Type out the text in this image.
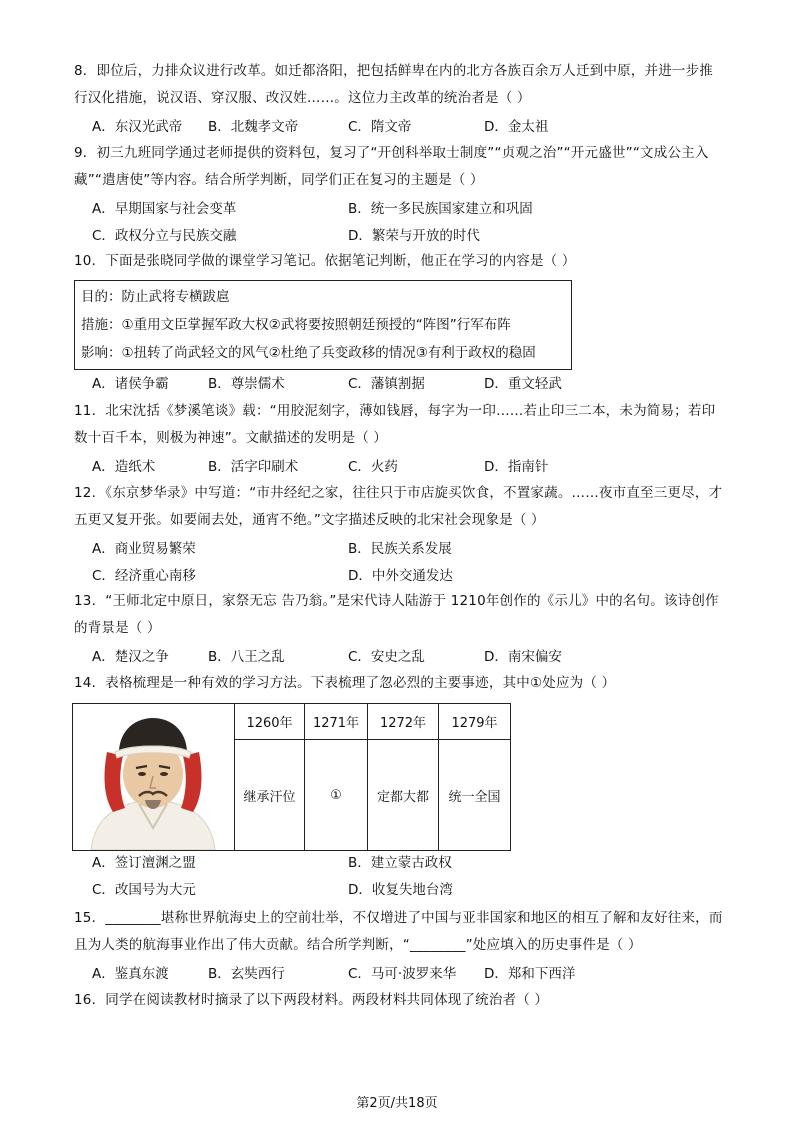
8．即位后，力排众议进行改革。如迁都洛阳，把包括鲜卑在内的北方各族百余万人迁到中原，并进一步推行汉化措施，说汉语、穿汉服、改汉姓……。这位力主改革的统治者是（ ）
A．东汉光武帝 B．北魏孝文帝	C．隋文帝	D．金太祖
9．初三九班同学通过老师提供的资料包，复习了“开创科举取士制度”“贞观之治”“开元盛世”“文成公主入藏”“遣唐使”等内容。结合所学判断，同学们正在复习的主题是（ ）
A．早期国家与社会变革	B．统一多民族国家建立和巩固
C．政权分立与民族交融	D．繁荣与开放的时代
10．下面是张晓同学做的课堂学习笔记。依据笔记判断，他正在学习的内容是（ ）
目的：防止武将专横跋扈
措施：①重用文臣掌握军政大权②武将要按照朝廷预授的“阵图”行军布阵
影响：①扭转了尚武轻文的风气②杜绝了兵变政移的情况③有利于政权的稳固
A．诸侯争霸	B．尊崇儒术	C．藩镇割据	D．重文轻武
11．北宋沈括《梦溪笔谈》载：“用胶泥刻字，薄如钱唇，每字为一印……若止印三二本，未为简易；若印数十百千本，则极为神速”。文献描述的发明是（ ）
A．造纸术	B．活字印刷术	C．火药	D．指南针
12．《东京梦华录》中写道：“市井经纪之家，往往只于市店旋买饮食，不置家蔬。……夜市直至三更尽，才五更又复开张。如要闹去处，通宵不绝。”文字描述反映的北宋社会现象是（ ）
A．商业贸易繁荣	B．民族关系发展
C．经济重心南移	D．中外交通发达
13．“王师北定中原日，家祭无忘 告乃翁。”是宋代诗人陆游于 1210年创作的《示儿》中的名句。该诗创作的背景是（ ）
A．楚汉之争	B．八王之乱	C．安史之乱	D．南宋偏安
14．表格梳理是一种有效的学习方法。下表梳理了忽必烈的主要事迹，其中①处应为（ ）
1260年	1271年	1272年	1279年
继承汗位	①	定都大都	统一全国
A．签订澶渊之盟	B．建立蒙古政权
C．改国号为大元	D．收复失地台湾
15．________堪称世界航海史上的空前壮举，不仅增进了中国与亚非国家和地区的相互了解和友好往来，而且为人类的航海事业作出了伟大贡献。结合所学判断，“________”处应填入的历史事件是（ ）
A．鉴真东渡	B．玄奘西行	C．马可·波罗来华 D．郑和下西洋
16．同学在阅读教材时摘录了以下两段材料。两段材料共同体现了统治者（ ）
第2页/共18页
